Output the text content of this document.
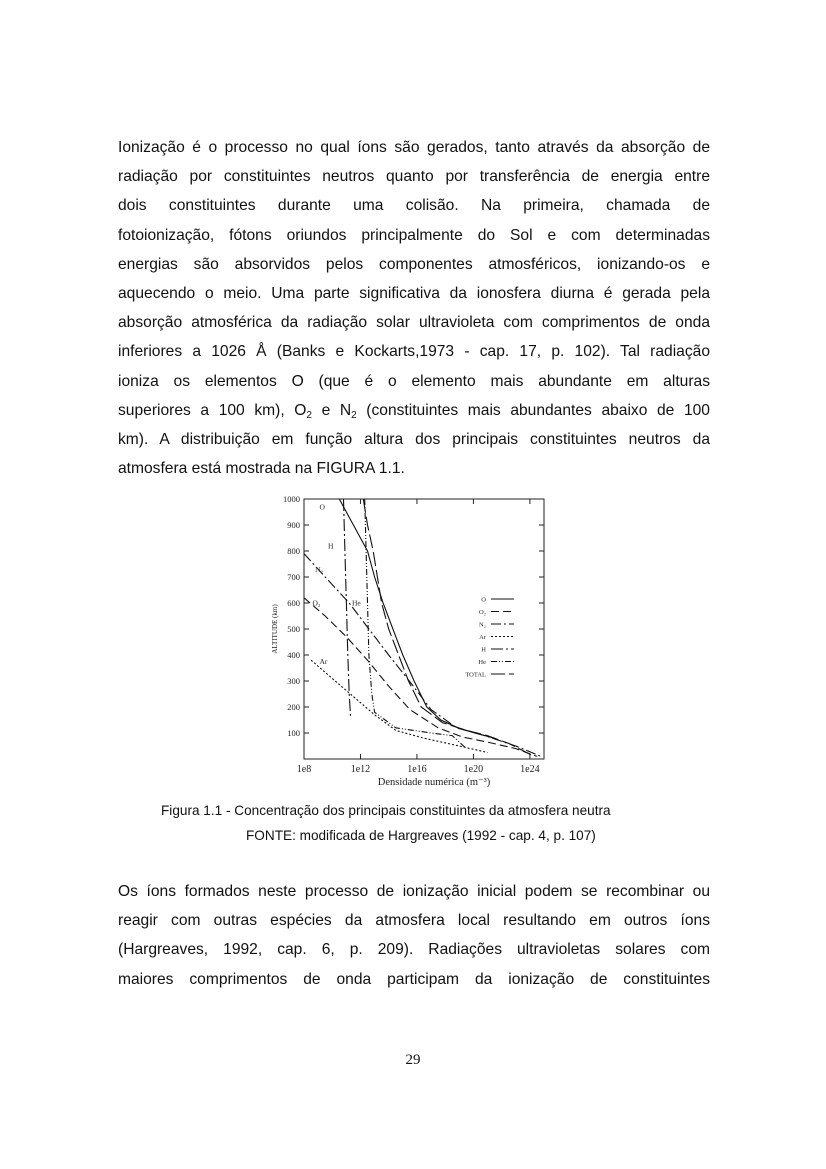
Ionização é o processo no qual íons são gerados, tanto através da absorção de
radiação por constituintes neutros quanto por transferência de energia entre
dois constituintes durante uma colisão. Na primeira, chamada de
fotoionização, fótons oriundos principalmente do Sol e com determinadas
energias são absorvidos pelos componentes atmosféricos, ionizando-os e
aquecendo o meio. Uma parte significativa da ionosfera diurna é gerada pela
absorção atmosférica da radiação solar ultravioleta com comprimentos de onda
inferiores a 1026 Å (Banks e Kockarts,1973 - cap. 17, p. 102). Tal radiação
ioniza os elementos O (que é o elemento mais abundante em alturas
superiores a 100 km), $O_2$ e $N_2$ (constituintes mais abundantes abaixo de 100
km). A distribuição em função altura dos principais constituintes neutros da
atmosfera está mostrada na FIGURA 1.1.
100
200
300
400
500
600
700
800
900
1000
1e8	1e12	1e16	1e20	1e24
Densidade numérica (m⁻³)
ALTITUDE (km)
O
H
N₂
O₂	He
Ar
O
O₂
N₂
Ar
H
He
TOTAL
Figura 1.1 - Concentração dos principais constituintes da atmosfera neutra
FONTE: modificada de Hargreaves (1992 - cap. 4, p. 107)
Os íons formados neste processo de ionização inicial podem se recombinar ou
reagir com outras espécies da atmosfera local resultando em outros íons
(Hargreaves, 1992, cap. 6, p. 209). Radiações ultravioletas solares com
maiores comprimentos de onda participam da ionização de constituintes
29
